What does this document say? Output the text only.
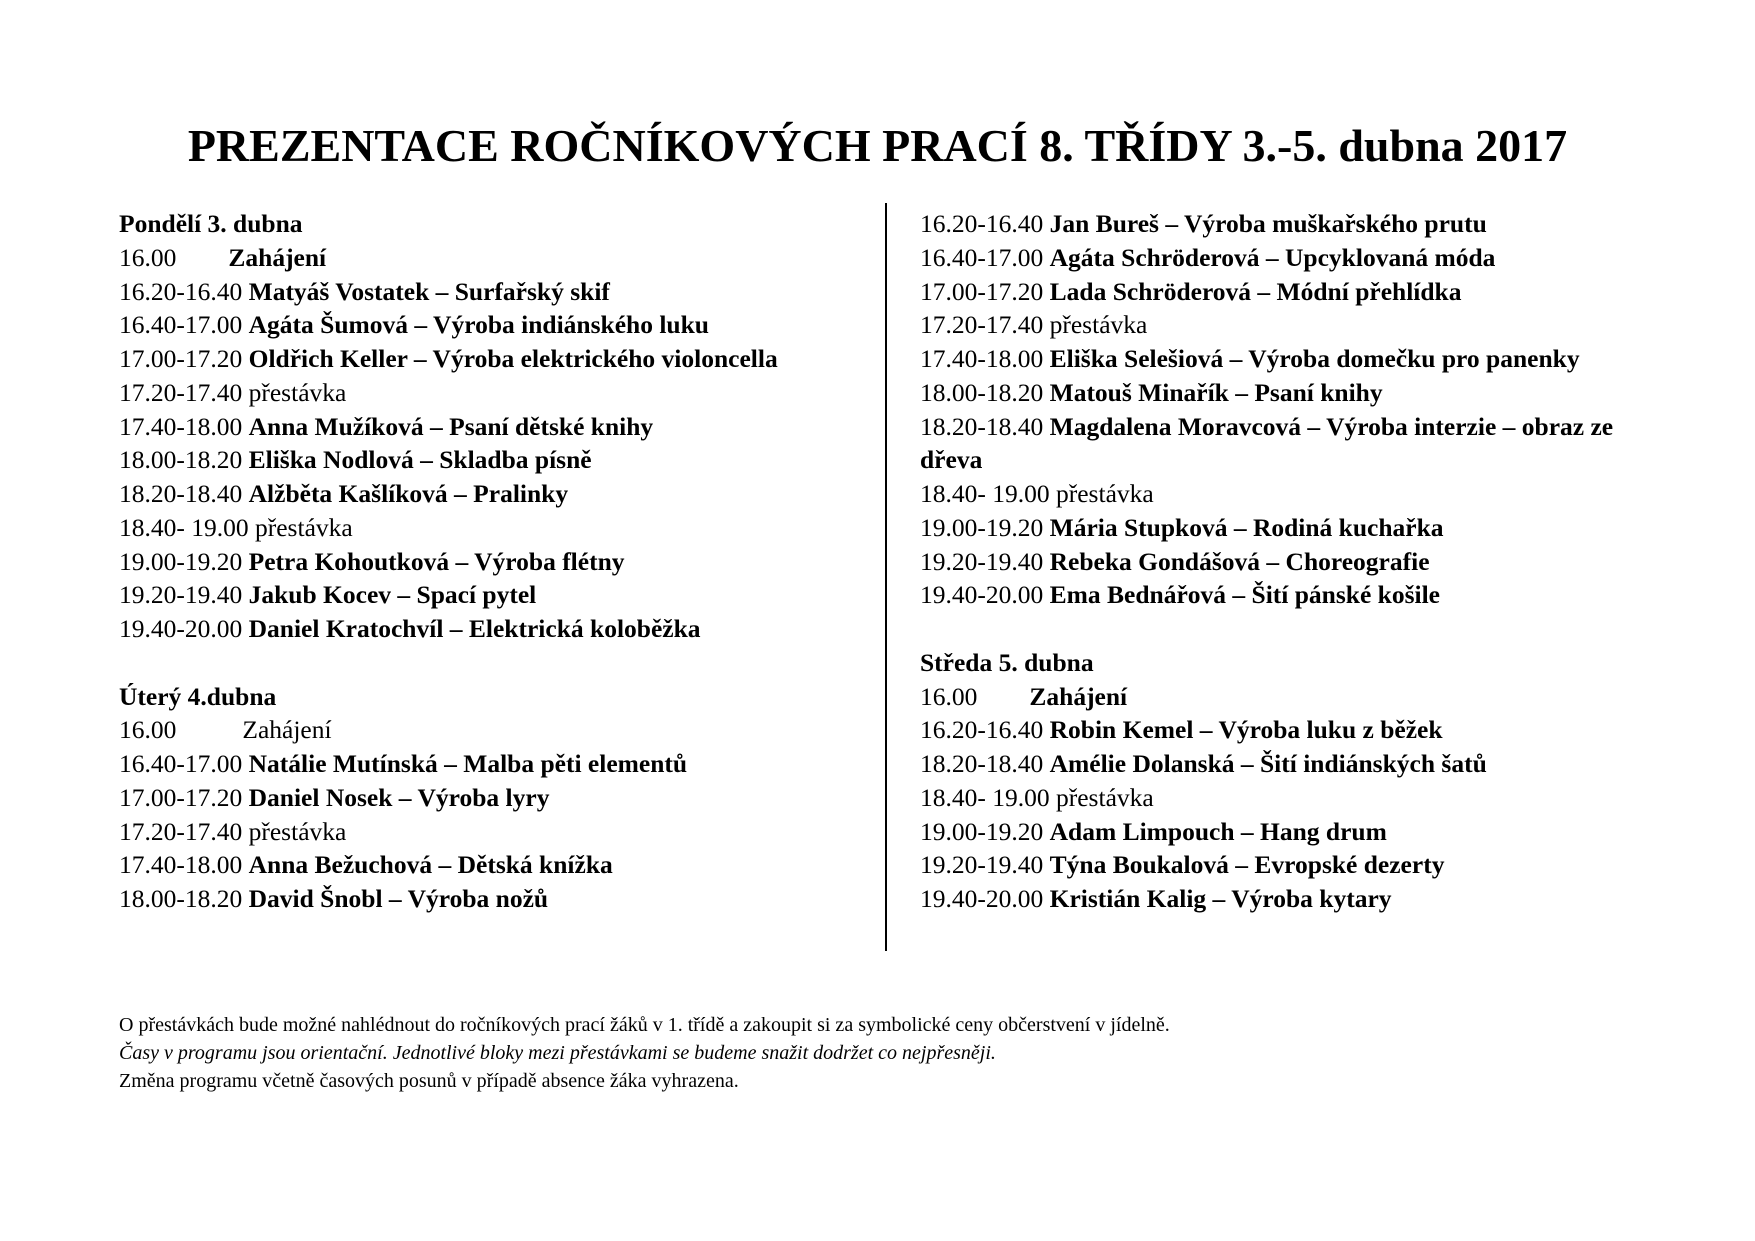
PREZENTACE ROČNÍKOVÝCH PRACÍ 8. TŘÍDY 3.-5. dubna 2017
Pondělí 3. dubna
16.00 Zahájení
16.20-16.40 Matyáš Vostatek – Surfařský skif
16.40-17.00 Agáta Šumová – Výroba indiánského luku
17.00-17.20 Oldřich Keller – Výroba elektrického violoncella
17.20-17.40 přestávka
17.40-18.00 Anna Mužíková – Psaní dětské knihy
18.00-18.20 Eliška Nodlová – Skladba písně
18.20-18.40 Alžběta Kašlíková – Pralinky
18.40- 19.00 přestávka
19.00-19.20 Petra Kohoutková – Výroba flétny
19.20-19.40 Jakub Kocev – Spací pytel
19.40-20.00 Daniel Kratochvíl – Elektrická koloběžka
Úterý 4.dubna
16.00	Zahájení
16.40-17.00 Natálie Mutínská – Malba pěti elementů
17.00-17.20 Daniel Nosek – Výroba lyry
17.20-17.40 přestávka
17.40-18.00 Anna Bežuchová – Dětská knížka
18.00-18.20 David Šnobl – Výroba nožů
16.20-16.40 Jan Bureš – Výroba muškařského prutu
16.40-17.00 Agáta Schröderová – Upcyklovaná móda
17.00-17.20 Lada Schröderová – Módní přehlídka
17.20-17.40 přestávka
17.40-18.00 Eliška Selešiová – Výroba domečku pro panenky
18.00-18.20 Matouš Minařík – Psaní knihy
18.20-18.40 Magdalena Moravcová – Výroba interzie – obraz ze dřeva
18.40- 19.00 přestávka
19.00-19.20 Mária Stupková – Rodiná kuchařka
19.20-19.40 Rebeka Gondášová – Choreografie
19.40-20.00 Ema Bednářová – Šití pánské košile
Středa 5. dubna
16.00 Zahájení
16.20-16.40 Robin Kemel – Výroba luku z běžek
18.20-18.40 Amélie Dolanská – Šití indiánských šatů
18.40- 19.00 přestávka
19.00-19.20 Adam Limpouch – Hang drum
19.20-19.40 Týna Boukalová – Evropské dezerty
19.40-20.00 Kristián Kalig – Výroba kytary
O přestávkách bude možné nahlédnout do ročníkových prací žáků v 1. třídě a zakoupit si za symbolické ceny občerstvení v jídelně.
Časy v programu jsou orientační. Jednotlivé bloky mezi přestávkami se budeme snažit dodržet co nejpřesněji.
Změna programu včetně časových posunů v případě absence žáka vyhrazena.
